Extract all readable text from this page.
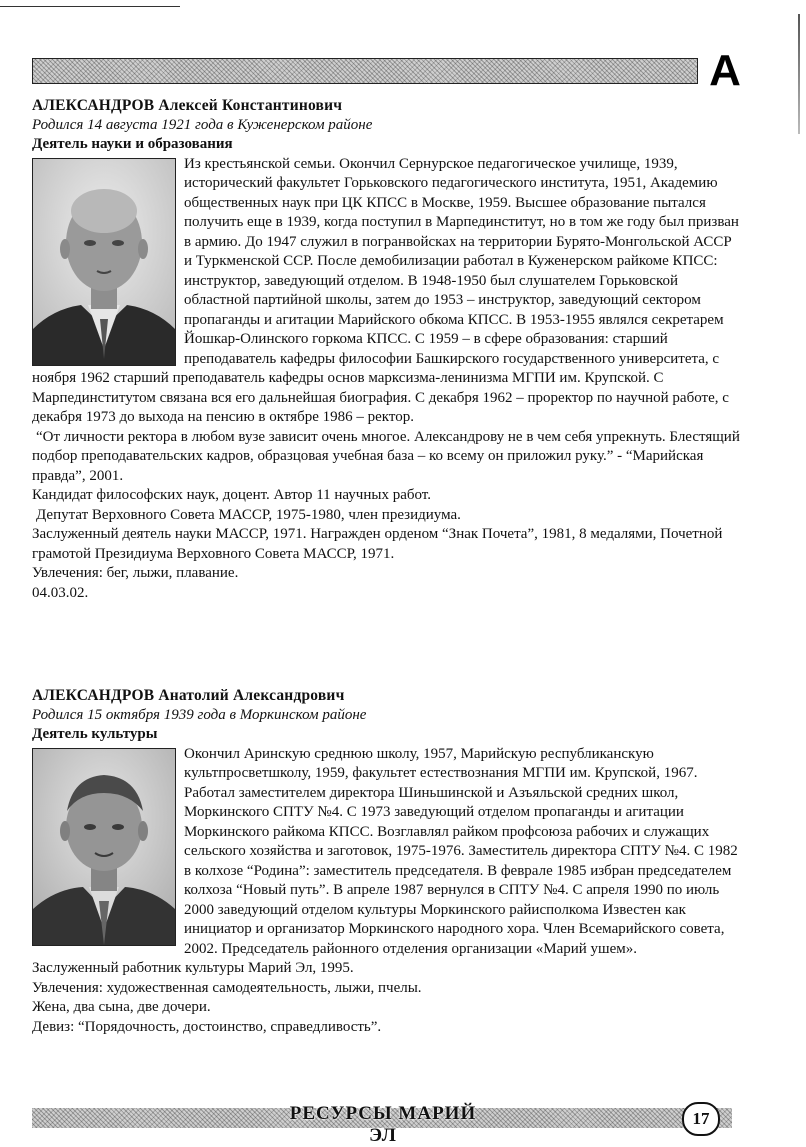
А
АЛЕКСАНДРОВ Алексей Константинович
Родился 14 августа 1921 года в Куженерском районе
Деятель науки и образования

Из крестьянской семьи. Окончил Сернурское педагогическое училище, 1939, исторический факультет Горьковского педагогического института, 1951, Академию общественных наук при ЦК КПСС в Москве, 1959. Высшее образование пытался получить еще в 1939, когда поступил в Марпединститут, но в том же году был призван в армию. До 1947 служил в погранвойсках на территории Бурято-Монгольской АССР и Туркменской ССР. После демобилизации работал в Куженерском райкоме КПСС: инструктор, заведующий отделом. В 1948-1950 был слушателем Горьковской областной партийной школы, затем до 1953 – инструктор, заведующий сектором пропаганды и агитации Марийского обкома КПСС. В 1953-1955 являлся секретарем Йошкар-Олинского горкома КПСС. С 1959 – в сфере образования: старший преподаватель кафедры философии Башкирского государственного университета, с ноября 1962 старший преподаватель кафедры основ марксизма-ленинизма МГПИ им. Крупской. С Марпединститутом связана вся его дальнейшая биография. С декабря 1962 – проректор по научной работе, с декабря 1973 до выхода на пенсию в октябре 1986 – ректор.

“От личности ректора в любом вузе зависит очень многое. Александрову не в чем себя упрекнуть. Блестящий подбор преподавательских кадров, образцовая учебная база – ко всему он приложил руку.” - “Марийская правда”, 2001.

Кандидат философских наук, доцент. Автор 11 научных работ.

Депутат Верховного Совета МАССР, 1975-1980, член президиума.

Заслуженный деятель науки МАССР, 1971. Награжден орденом “Знак Почета”, 1981, 8 медалями, Почетной грамотой Президиума Верховного Совета МАССР, 1971.

Увлечения: бег, лыжи, плавание.

04.03.02.

АЛЕКСАНДРОВ Анатолий Александрович
Родился 15 октября 1939 года в Моркинском районе
Деятель культуры

Окончил Аринскую среднюю школу, 1957, Марийскую республиканскую культпросветшколу, 1959, факультет естествознания МГПИ им. Крупской, 1967. Работал заместителем директора Шиньшинской и Азъяльской средних школ, Моркинского СПТУ №4. С 1973 заведующий отделом пропаганды и агитации Моркинского райкома КПСС. Возглавлял райком профсоюза рабочих и служащих сельского хозяйства и заготовок, 1975-1976. Заместитель директора СПТУ №4. С 1982 в колхозе “Родина”: заместитель председателя. В феврале 1985 избран председателем колхоза “Новый путь”. В апреле 1987 вернулся в СПТУ №4. С апреля 1990 по июль 2000 заведующий отделом культуры Моркинского райисполкома Известен как инициатор и организатор Моркинского народного хора. Член Всемарийского совета, 2002. Председатель районного отделения организации «Марий ушем».

Заслуженный работник культуры Марий Эл, 1995.

Увлечения: художественная самодеятельность, лыжи, пчелы.

Жена, два сына, две дочери.

Девиз: “Порядочность, достоинство, справедливость”.

РЕСУРСЫ МАРИЙ ЭЛ
17
